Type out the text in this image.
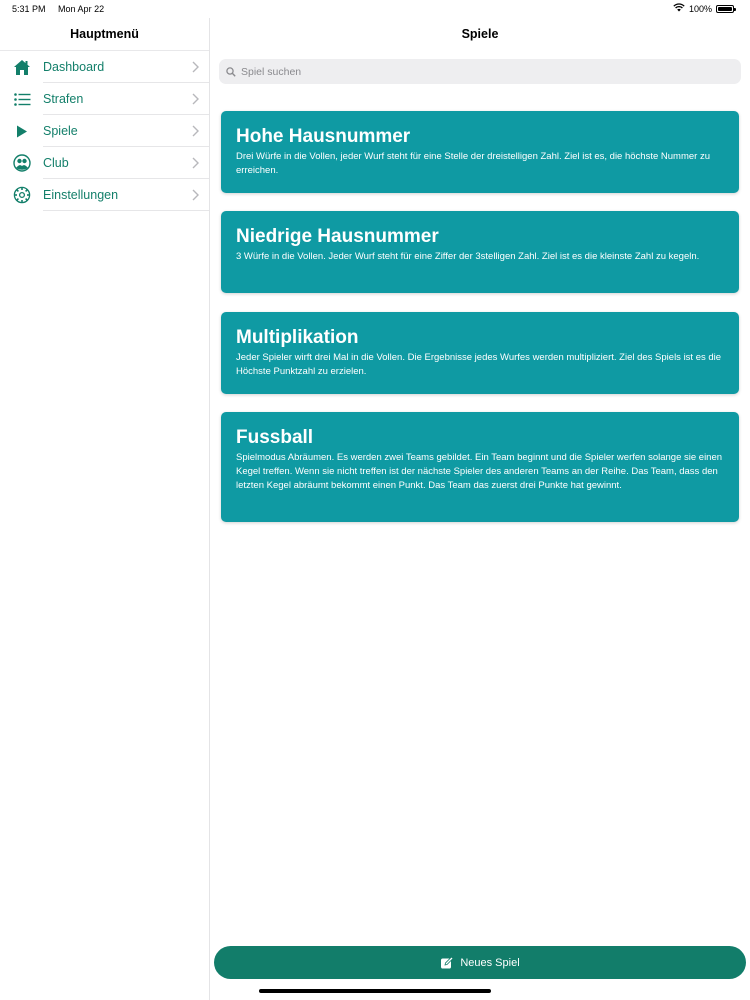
5:31 PM Mon Apr 22	100%
Hauptmenü
Dashboard
Strafen
Spiele
Club
Einstellungen
Spiele
Spiel suchen
Hohe Hausnummer

Drei Würfe in die Vollen, jeder Wurf steht für eine Stelle der dreistelligen Zahl. Ziel ist es, die höchste Nummer zu erreichen.

Niedrige Hausnummer

3 Würfe in die Vollen. Jeder Wurf steht für eine Ziffer der 3stelligen Zahl. Ziel ist es die kleinste Zahl zu kegeln.

Multiplikation

Jeder Spieler wirft drei Mal in die Vollen. Die Ergebnisse jedes Wurfes werden multipliziert. Ziel des Spiels ist es die Höchste Punktzahl zu erzielen.

Fussball

Spielmodus Abräumen. Es werden zwei Teams gebildet. Ein Team beginnt und die Spieler werfen solange sie einen Kegel treffen. Wenn sie nicht treffen ist der nächste Spieler des anderen Teams an der Reihe. Das Team, dass den letzten Kegel abräumt bekommt einen Punkt. Das Team das zuerst drei Punkte hat gewinnt.

Neues Spiel
